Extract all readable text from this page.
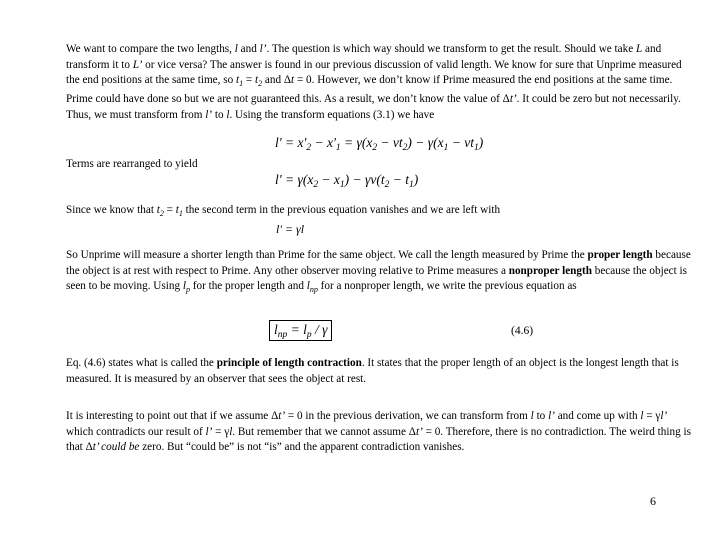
We want to compare the two lengths, l and l’. The question is which way should we transform to get the result. Should we take L and transform it to L’ or vice versa? The answer is found in our previous discussion of valid length. We know for sure that Unprime measured the end positions at the same time, so $t_1 = t_2$ and Δt = 0. However, we don’t know if Prime measured the end positions at the same time. Prime could have done so but we are not guaranteed this. As a result, we don’t know the value of Δt’. It could be zero but not necessarily. Thus, we must transform from l’ to l. Using the transform equations (3.1) we have
$l' = x'_2 - x'_1 = \gamma(x_2 - vt_2) - \gamma(x_1 - vt_1)$
Terms are rearranged to yield
$l' = \gamma(x_2 - x_1) - \gamma v(t_2 - t_1)$
Since we know that $t_2 = t_1$ the second term in the previous equation vanishes and we are left with
l' = γl
So Unprime will measure a shorter length than Prime for the same object. We call the length measured by Prime the proper length because the object is at rest with respect to Prime. Any other observer moving relative to Prime measures a nonproper length because the object is seen to be moving. Using $l_p$ for the proper length and $l_{np}$ for a nonproper length, we write the previous equation as
$l_{np} = l_p / \gamma$	(4.6)
Eq. (4.6) states what is called the principle of length contraction. It states that the proper length of an object is the longest length that is measured. It is measured by an observer that sees the object at rest.
It is interesting to point out that if we assume Δt’ = 0 in the previous derivation, we can transform from l to l’ and come up with l = γl’ which contradicts our result of l’ = γl. But remember that we cannot assume Δt’ = 0. Therefore, there is no contradiction. The weird thing is that Δt’ could be zero. But “could be” is not “is” and the apparent contradiction vanishes.
6
